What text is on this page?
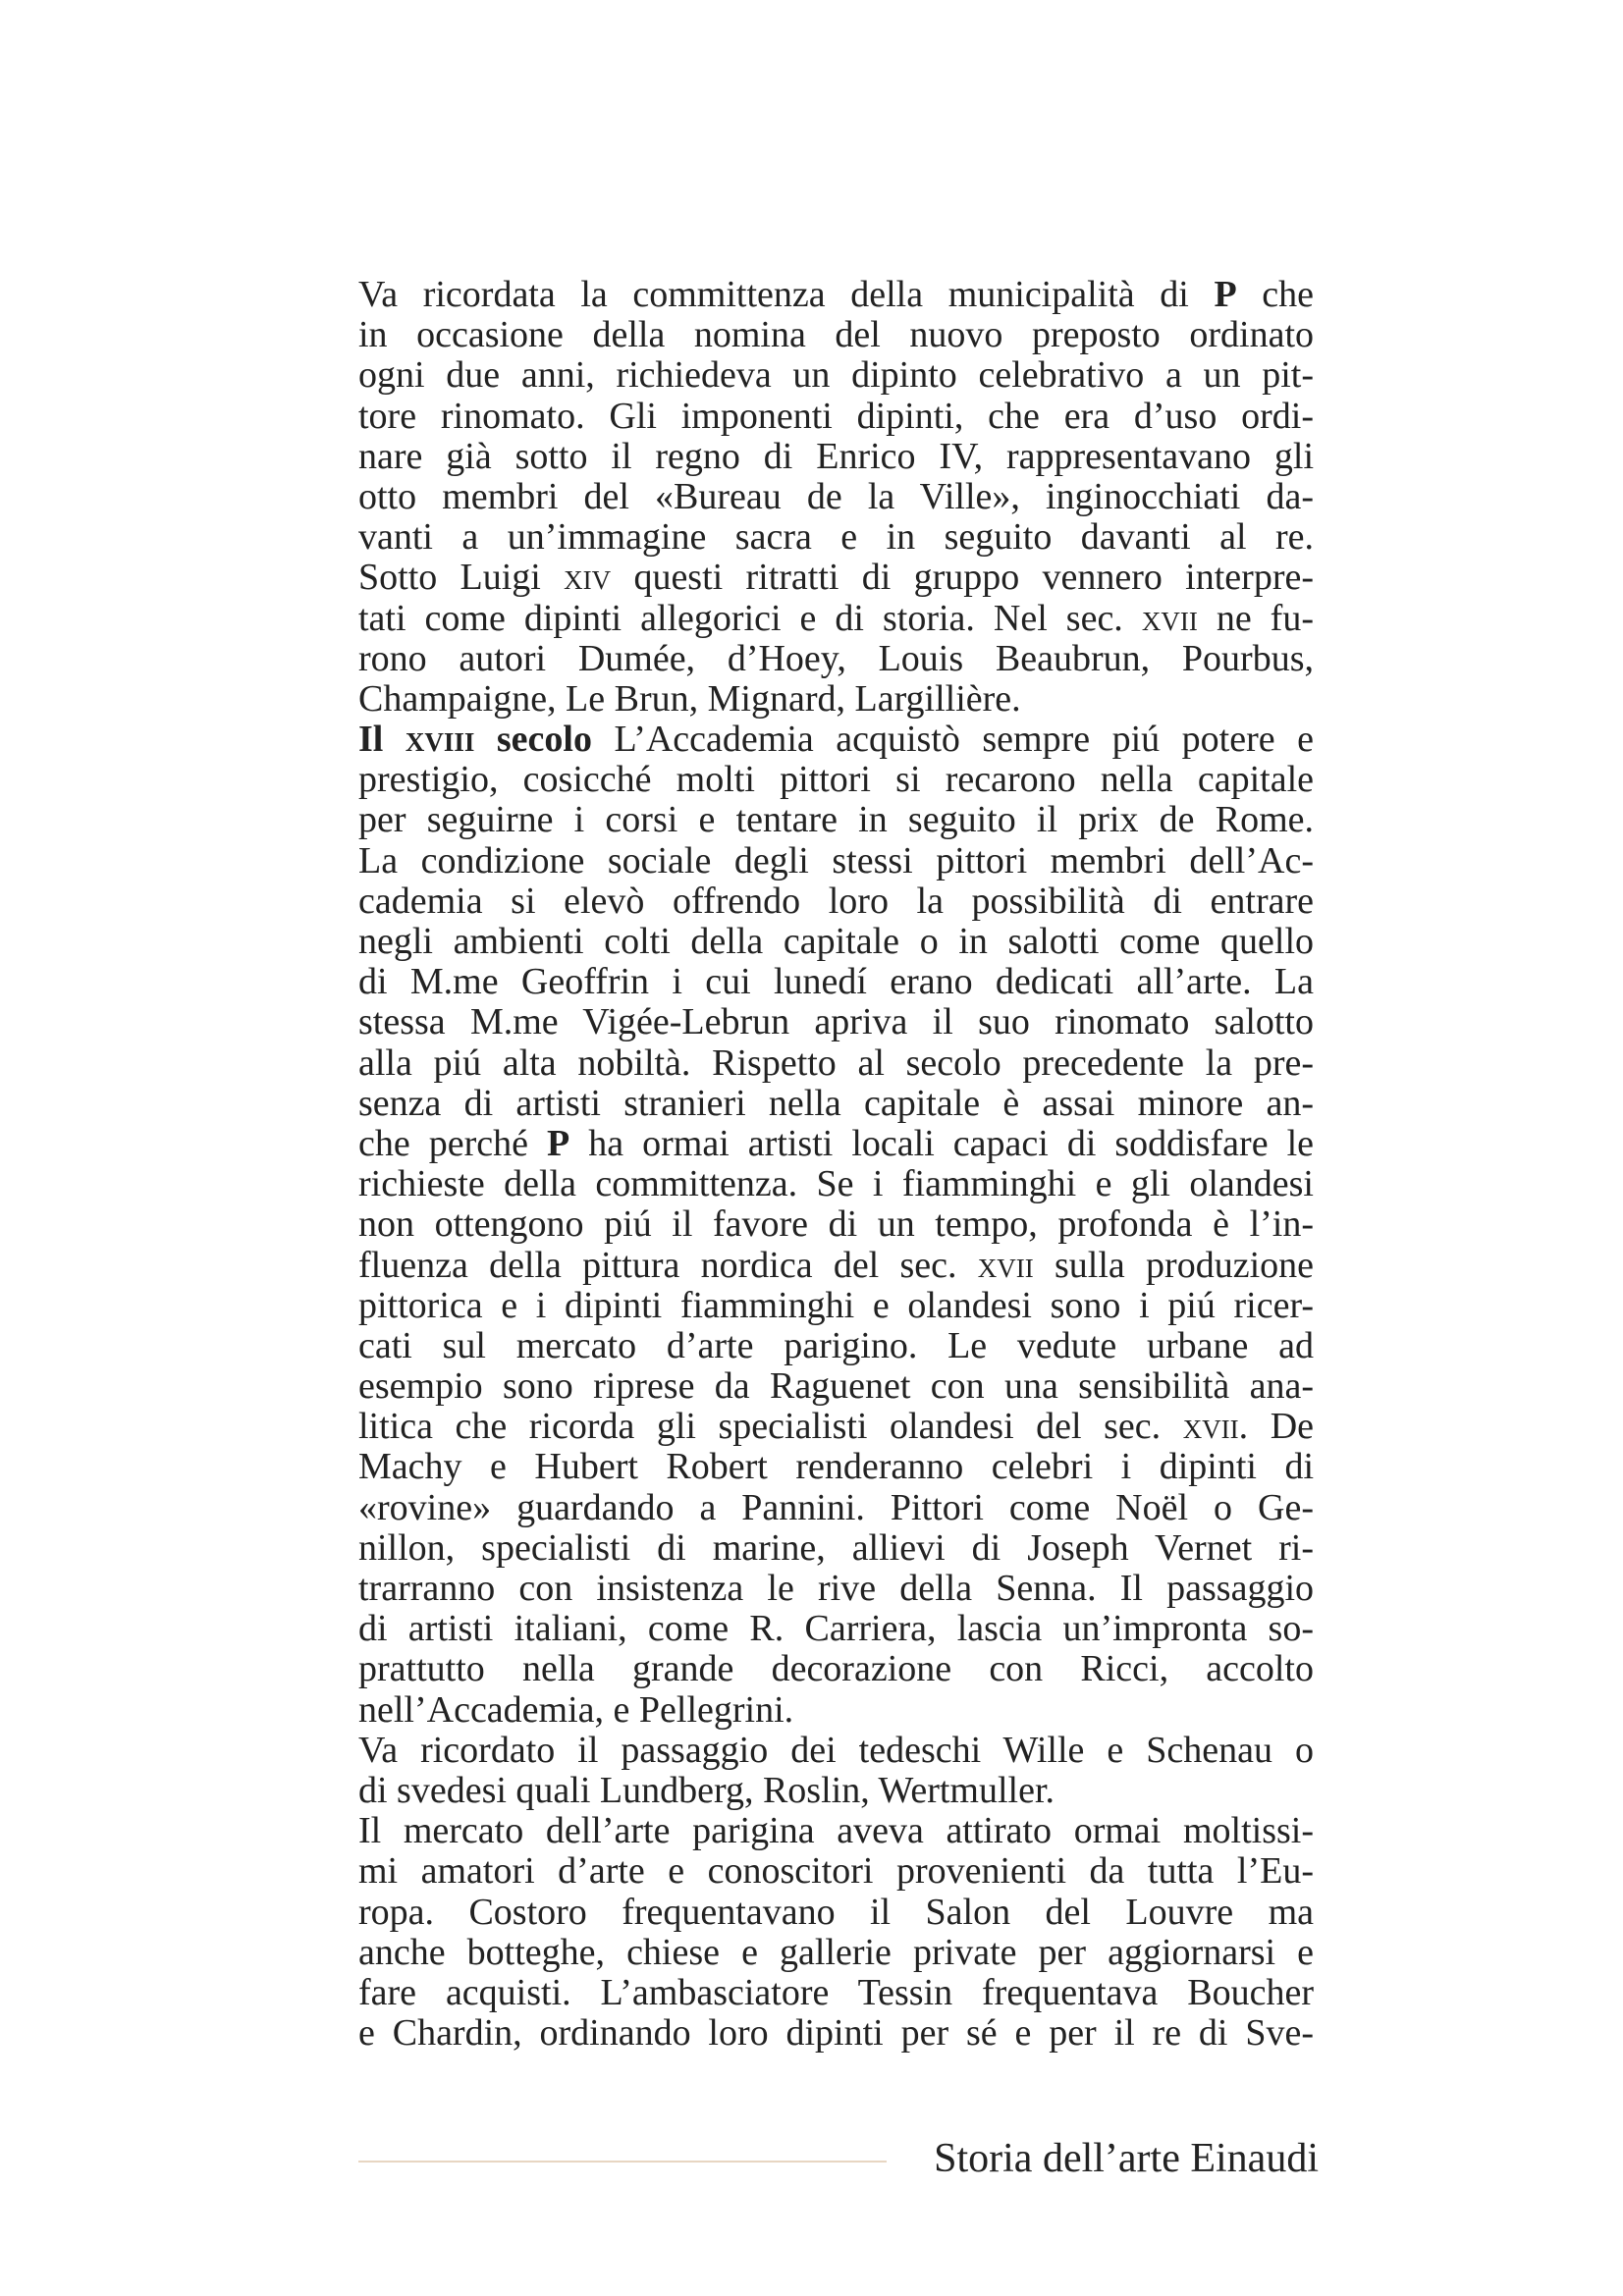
Va ricordata la committenza della municipalità di P che
in occasione della nomina del nuovo preposto ordinato
ogni due anni, richiedeva un dipinto celebrativo a un pit-
tore rinomato. Gli imponenti dipinti, che era d’uso ordi-
nare già sotto il regno di Enrico IV, rappresentavano gli
otto membri del «Bureau de la Ville», inginocchiati da-
vanti a un’immagine sacra e in seguito davanti al re.
Sotto Luigi xiv questi ritratti di gruppo vennero interpre-
tati come dipinti allegorici e di storia. Nel sec. xvii ne fu-
rono autori Dumée, d’Hoey, Louis Beaubrun, Pourbus,
Champaigne, Le Brun, Mignard, Largillière.
Il xviii secolo L’Accademia acquistò sempre piú potere e
prestigio, cosicché molti pittori si recarono nella capitale
per seguirne i corsi e tentare in seguito il prix de Rome.
La condizione sociale degli stessi pittori membri dell’Ac-
cademia si elevò offrendo loro la possibilità di entrare
negli ambienti colti della capitale o in salotti come quello
di M.me Geoffrin i cui lunedí erano dedicati all’arte. La
stessa M.me Vigée-Lebrun apriva il suo rinomato salotto
alla piú alta nobiltà. Rispetto al secolo precedente la pre-
senza di artisti stranieri nella capitale è assai minore an-
che perché P ha ormai artisti locali capaci di soddisfare le
richieste della committenza. Se i fiamminghi e gli olandesi
non ottengono piú il favore di un tempo, profonda è l’in-
fluenza della pittura nordica del sec. xvii sulla produzione
pittorica e i dipinti fiamminghi e olandesi sono i piú ricer-
cati sul mercato d’arte parigino. Le vedute urbane ad
esempio sono riprese da Raguenet con una sensibilità ana-
litica che ricorda gli specialisti olandesi del sec. xvii. De
Machy e Hubert Robert renderanno celebri i dipinti di
«rovine» guardando a Pannini. Pittori come Noël o Ge-
nillon, specialisti di marine, allievi di Joseph Vernet ri-
trarranno con insistenza le rive della Senna. Il passaggio
di artisti italiani, come R. Carriera, lascia un’impronta so-
prattutto nella grande decorazione con Ricci, accolto
nell’Accademia, e Pellegrini.
Va ricordato il passaggio dei tedeschi Wille e Schenau o
di svedesi quali Lundberg, Roslin, Wertmuller.
Il mercato dell’arte parigina aveva attirato ormai moltissi-
mi amatori d’arte e conoscitori provenienti da tutta l’Eu-
ropa. Costoro frequentavano il Salon del Louvre ma
anche botteghe, chiese e gallerie private per aggiornarsi e
fare acquisti. L’ambasciatore Tessin frequentava Boucher
e Chardin, ordinando loro dipinti per sé e per il re di Sve-
Storia dell’arte Einaudi
